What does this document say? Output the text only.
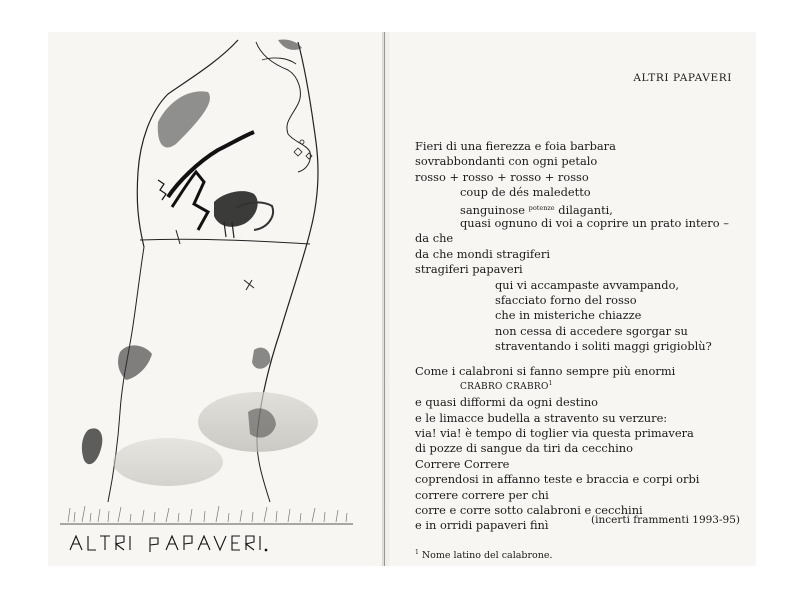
ALTRI PAPAVERI
Fieri di una fierezza e foia barbara
sovrabbondanti con ogni petalo
rosso + rosso + rosso + rosso
coup de dés maledetto
sanguinose $^{potenze}$ dilaganti,
quasi ognuno di voi a coprire un prato intero –
da che
da che mondi stragiferi
stragiferi papaveri
qui vi accampaste avvampando,
sfacciato forno del rosso
che in misteriche chiazze
non cessa di accedere sgorgar su
straventando i soliti maggi grigioblù?
Come i calabroni si fanno sempre più enormi
CRABRO CRABRO$^1$
e quasi difformi da ogni destino
e le limacce budella a stravento su verzure:
via! via! è tempo di toglier via questa primavera
di pozze di sangue da tiri da cecchino
Correre Correre
coprendosi in affanno teste e braccia e corpi orbi
correre correre per chi
corre e corre sotto calabroni e cecchini
e in orridi papaveri finì	(incerti frammenti 1993-95)
$^1$ Nome latino del calabrone.
